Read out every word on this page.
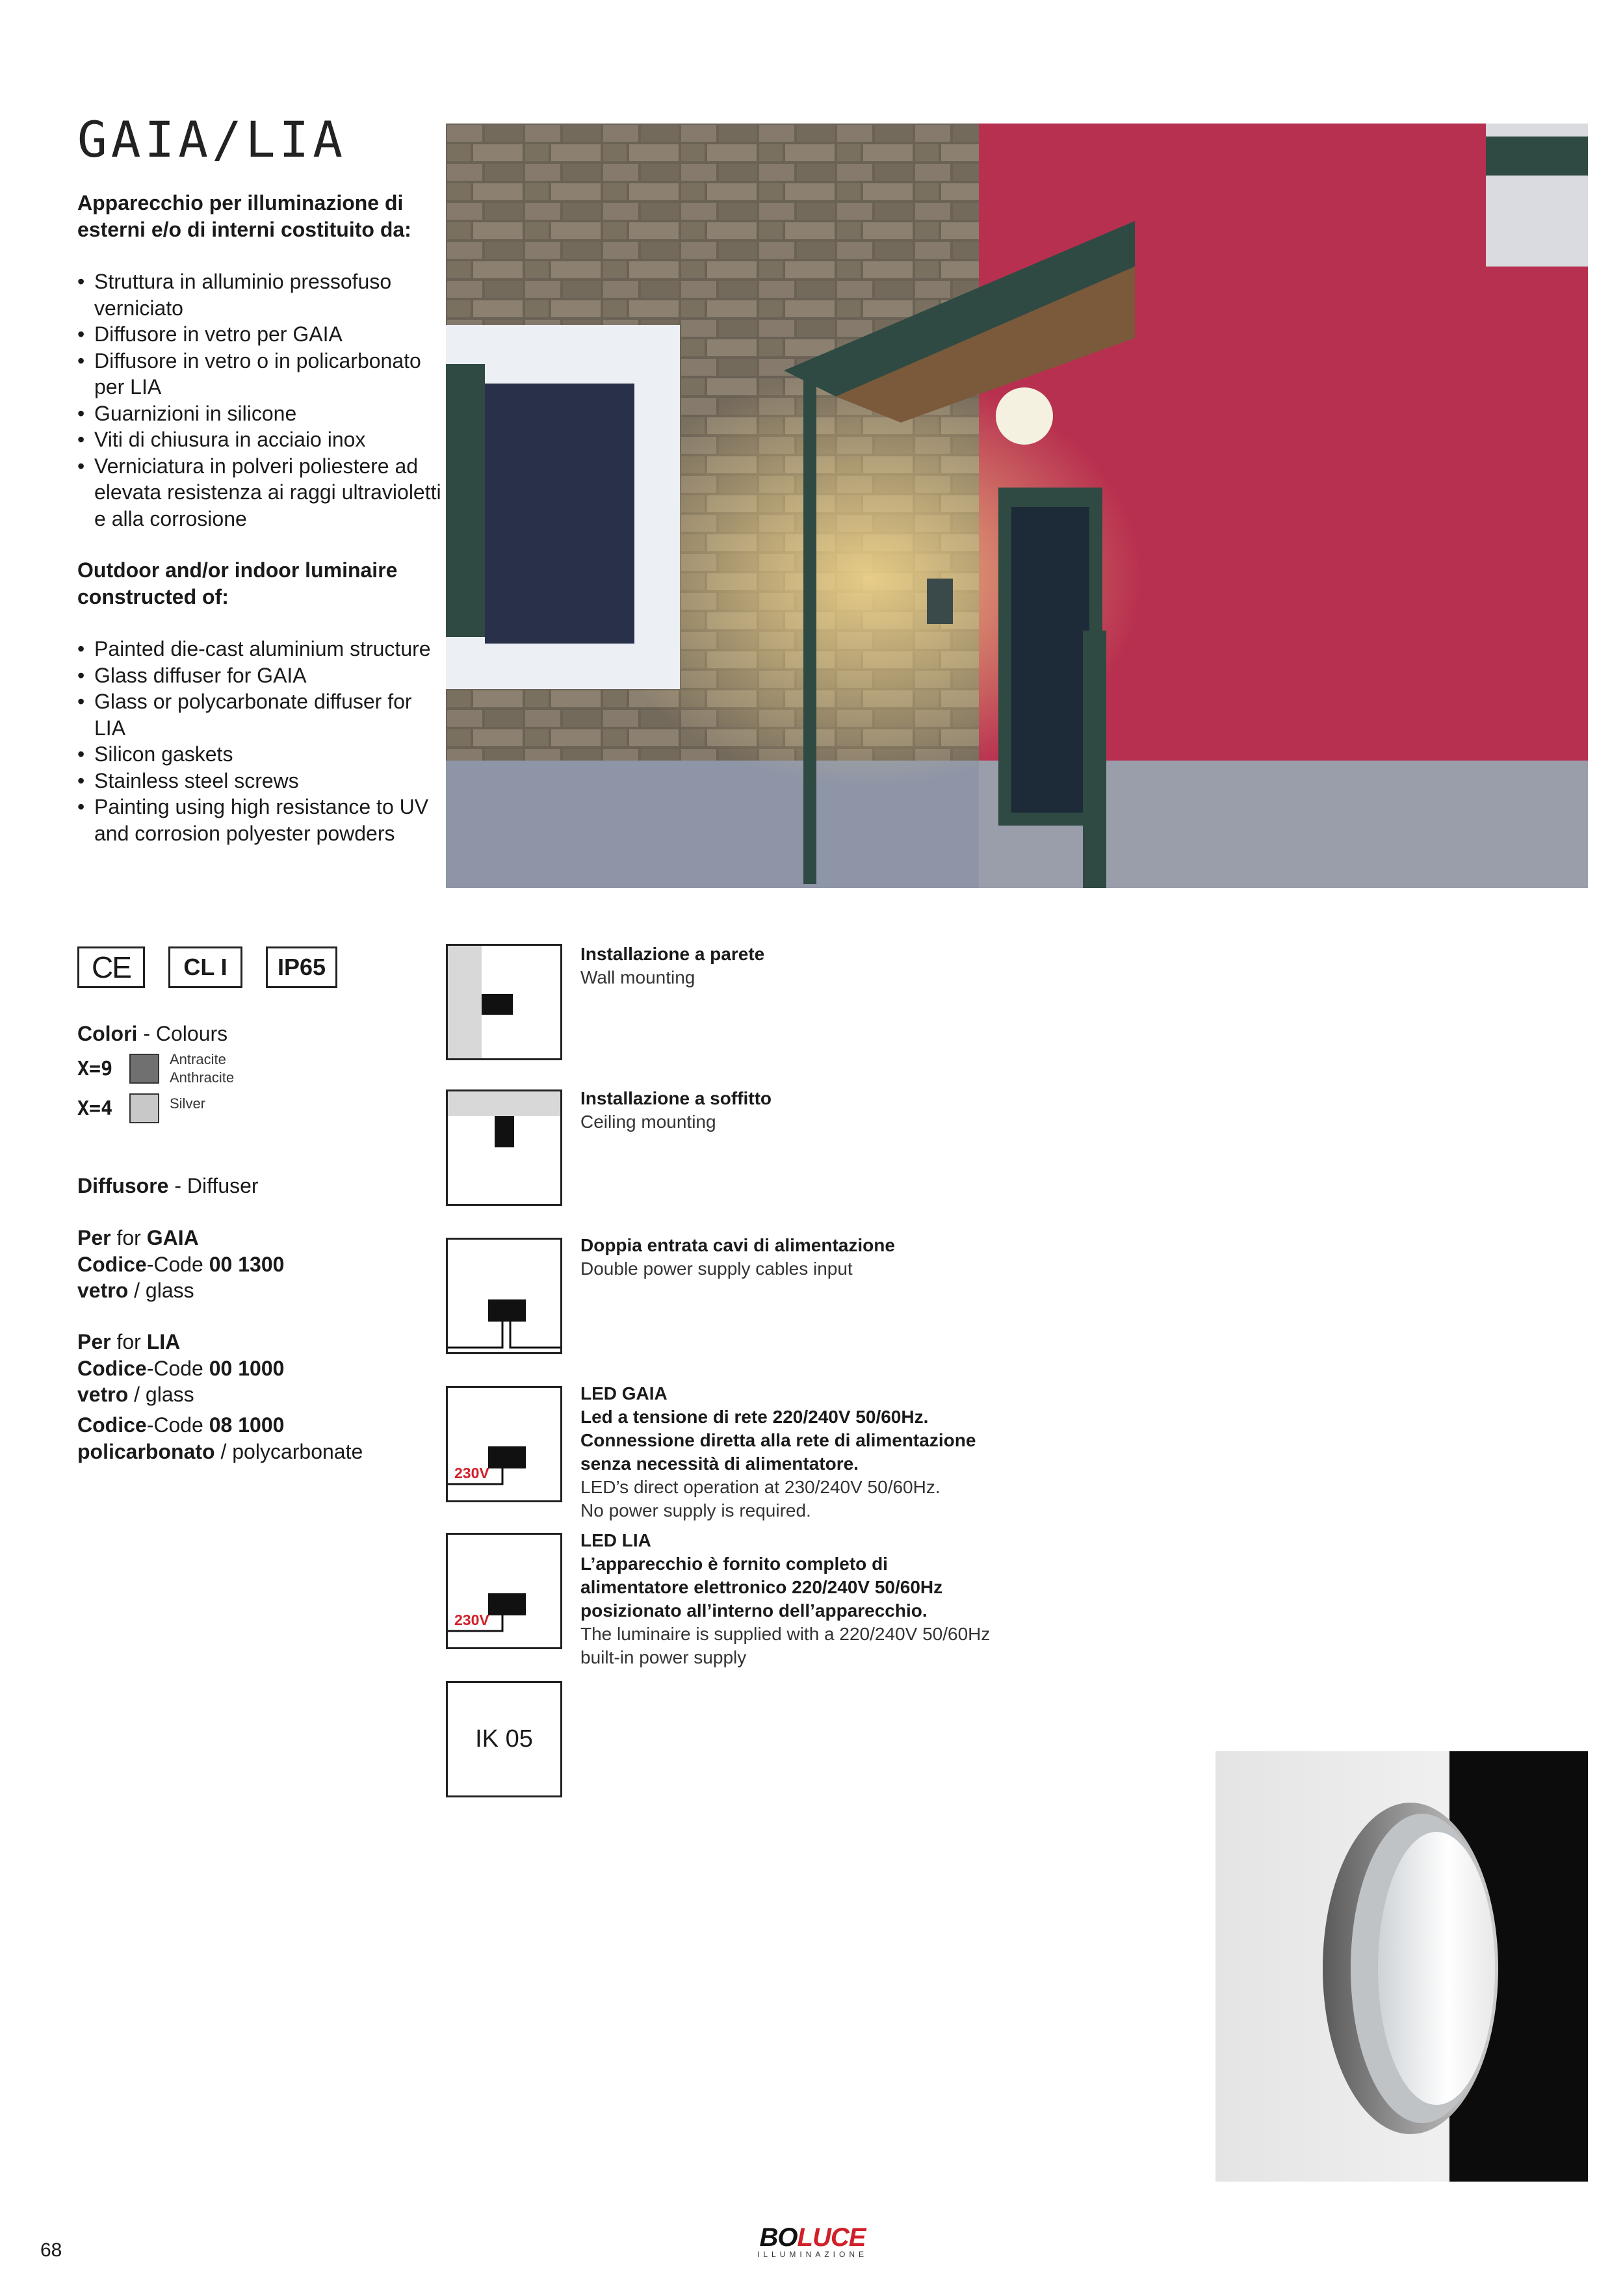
GAIA/LIA
Apparecchio per illuminazione di esterni e/o di interni costituito da:
• Struttura in alluminio pressofuso verniciato
• Diffusore in vetro per GAIA
• Diffusore in vetro o in policarbonato per LIA
• Guarnizioni in silicone
• Viti di chiusura in acciaio inox
• Verniciatura in polveri poliestere ad elevata resistenza ai raggi ultravioletti e alla corrosione
Outdoor and/or indoor luminaire constructed of:
• Painted die-cast aluminium structure
• Glass diffuser for GAIA
• Glass or polycarbonate diffuser for LIA
• Silicon gaskets
• Stainless steel screws
• Painting using high resistance to UV and corrosion polyester powders
CE	CL I	IP65
Colori - Colours
X=9	Antracite
Anthracite
X=4	Silver
Diffusore - Diffuser
Per for GAIA
Codice-Code 00 1300
vetro / glass
Per for LIA
Codice-Code 00 1000
vetro / glass
Codice-Code 08 1000
policarbonato / polycarbonate
Installazione a parete
Wall mounting
Installazione a soffitto
Ceiling mounting
Doppia entrata cavi di alimentazione
Double power supply cables input
230V
LED GAIA
Led a tensione di rete 220/240V 50/60Hz.
Connessione diretta alla rete di alimentazione
senza necessità di alimentatore.
LED’s direct operation at 230/240V 50/60Hz.
No power supply is required.
230V
LED LIA
L’apparecchio è fornito completo di
alimentatore elettronico 220/240V 50/60Hz
posizionato all’interno dell’apparecchio.
The luminaire is supplied with a 220/240V 50/60Hz
built-in power supply
IK 05
68	BOLUCE
ILLUMINAZIONE
